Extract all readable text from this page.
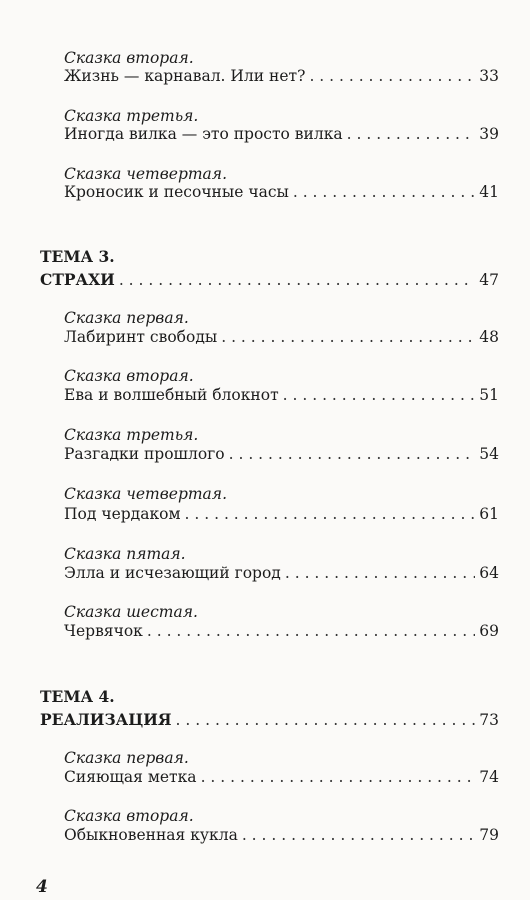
Сказка вторая.
Жизнь — карнавал. Или нет? . . .	33
Сказка третья.
Иногда вилка — это просто вилка . . .	39
Сказка четвертая.
Кроносик и песочные часы . . .	41
ТЕМА 3.
СТРАХИ . . .	47
Сказка первая.
Лабиринт свободы . . .	48
Сказка вторая.
Ева и волшебный блокнот . . .	51
Сказка третья.
Разгадки прошлого . . .	54
Сказка четвертая.
Под чердаком . . .	61
Сказка пятая.
Элла и исчезающий город . . .	64
Сказка шестая.
Червячок . . .	69
ТЕМА 4.
РЕАЛИЗАЦИЯ . . .	73
Сказка первая.
Сияющая метка . . .	74
Сказка вторая.
Обыкновенная кукла . . .	79
4
